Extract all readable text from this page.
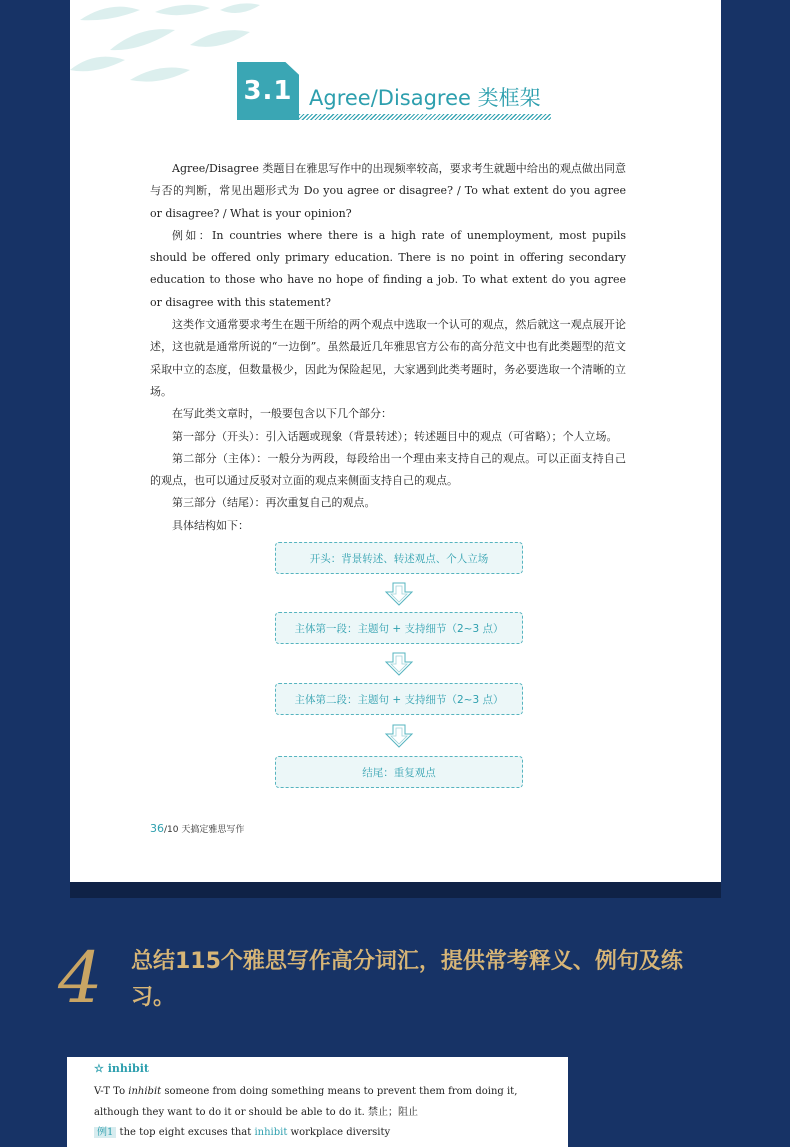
3.1 Agree/Disagree 类框架

Agree/Disagree 类题目在雅思写作中的出现频率较高，要求考生就题中给出的观点做出同意与否的判断，常见出题形式为 Do you agree or disagree? / To what extent do you agree or disagree? / What is your opinion?

例如：In countries where there is a high rate of unemployment, most pupils should be offered only primary education. There is no point in offering secondary education to those who have no hope of finding a job. To what extent do you agree or disagree with this statement?

这类作文通常要求考生在题干所给的两个观点中选取一个认可的观点，然后就这一观点展开论述，这也就是通常所说的“一边倒”。虽然最近几年雅思官方公布的高分范文中也有此类题型的范文采取中立的态度，但数量极少，因此为保险起见，大家遇到此类考题时，务必要选取一个清晰的立场。

在写此类文章时，一般要包含以下几个部分：

第一部分（开头）：引入话题或现象（背景转述）；转述题目中的观点（可省略）；个人立场。

第二部分（主体）：一般分为两段，每段给出一个理由来支持自己的观点。可以正面支持自己的观点，也可以通过反驳对立面的观点来侧面支持自己的观点。

第三部分（结尾）：再次重复自己的观点。

具体结构如下：

开头：背景转述、转述观点、个人立场
主体第一段：主题句 + 支持细节（2~3 点）
主体第二段：主题句 + 支持细节（2~3 点）
结尾：重复观点
36/10 天搞定雅思写作
4	总结115个雅思写作高分词汇，提供常考释义、例句及练习。
☆ inhibit
V-T To inhibit someone from doing something means to prevent them from doing it, although they want to do it or should be able to do it. 禁止；阻止
例1 the top eight excuses that inhibit workplace diversity
